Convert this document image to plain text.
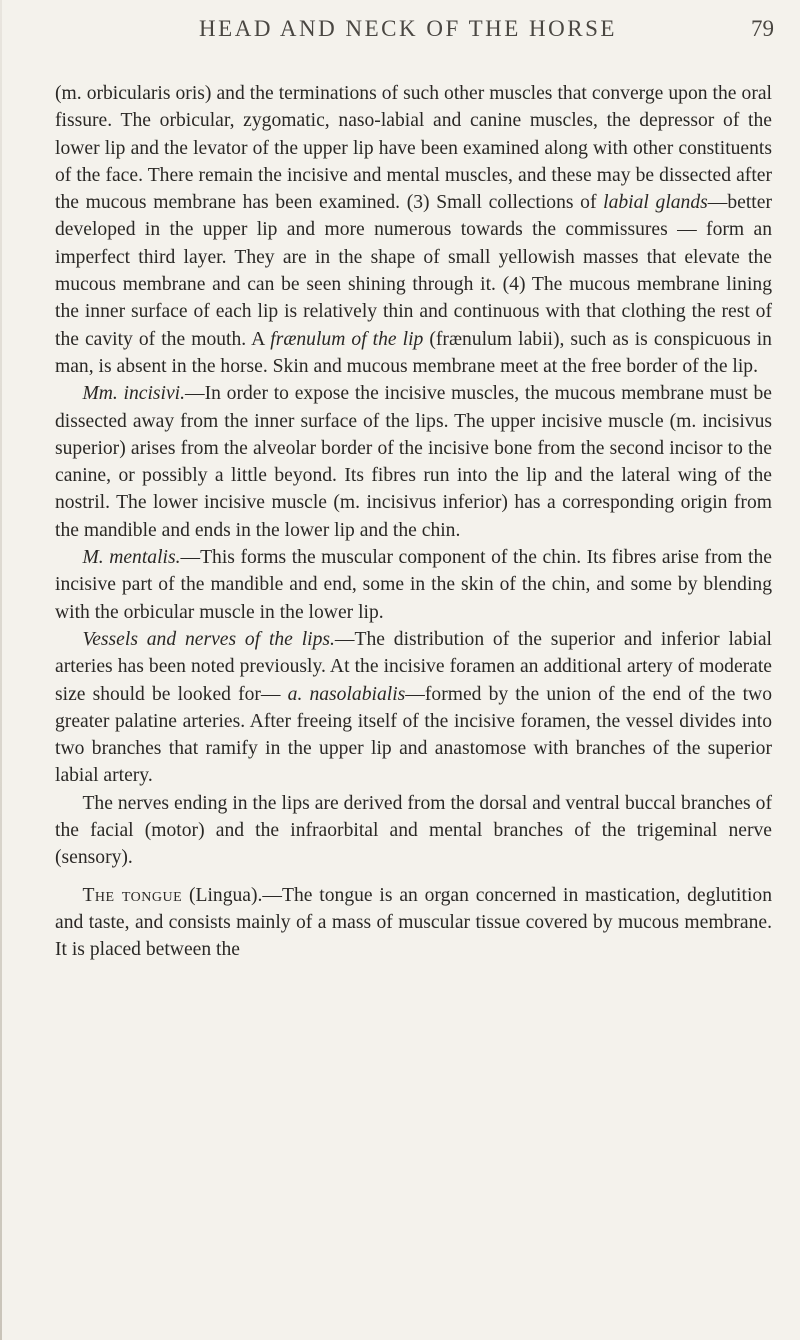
HEAD AND NECK OF THE HORSE	79

(m. orbicularis oris) and the terminations of such other muscles that converge upon the oral fissure. The orbicular, zygomatic, naso-labial and canine muscles, the depressor of the lower lip and the levator of the upper lip have been examined along with other constituents of the face. There remain the incisive and mental muscles, and these may be dissected after the mucous membrane has been examined. (3) Small collections of labial glands—better developed in the upper lip and more numerous towards the commissures — form an imperfect third layer. They are in the shape of small yellowish masses that elevate the mucous membrane and can be seen shining through it. (4) The mucous membrane lining the inner surface of each lip is relatively thin and continuous with that clothing the rest of the cavity of the mouth. A frænulum of the lip (frænulum labii), such as is conspicuous in man, is absent in the horse. Skin and mucous membrane meet at the free border of the lip.

Mm. incisivi.—In order to expose the incisive muscles, the mucous membrane must be dissected away from the inner surface of the lips. The upper incisive muscle (m. incisivus superior) arises from the alveolar border of the incisive bone from the second incisor to the canine, or possibly a little beyond. Its fibres run into the lip and the lateral wing of the nostril. The lower incisive muscle (m. incisivus inferior) has a corresponding origin from the mandible and ends in the lower lip and the chin.

M. mentalis.—This forms the muscular component of the chin. Its fibres arise from the incisive part of the mandible and end, some in the skin of the chin, and some by blending with the orbicular muscle in the lower lip.

Vessels and nerves of the lips.—The distribution of the superior and inferior labial arteries has been noted previously. At the incisive foramen an additional artery of moderate size should be looked for— a. nasolabialis—formed by the union of the end of the two greater palatine arteries. After freeing itself of the incisive foramen, the vessel divides into two branches that ramify in the upper lip and anastomose with branches of the superior labial artery.

The nerves ending in the lips are derived from the dorsal and ventral buccal branches of the facial (motor) and the infraorbital and mental branches of the trigeminal nerve (sensory).

The tongue (Lingua).—The tongue is an organ concerned in mastication, deglutition and taste, and consists mainly of a mass of muscular tissue covered by mucous membrane. It is placed between the
